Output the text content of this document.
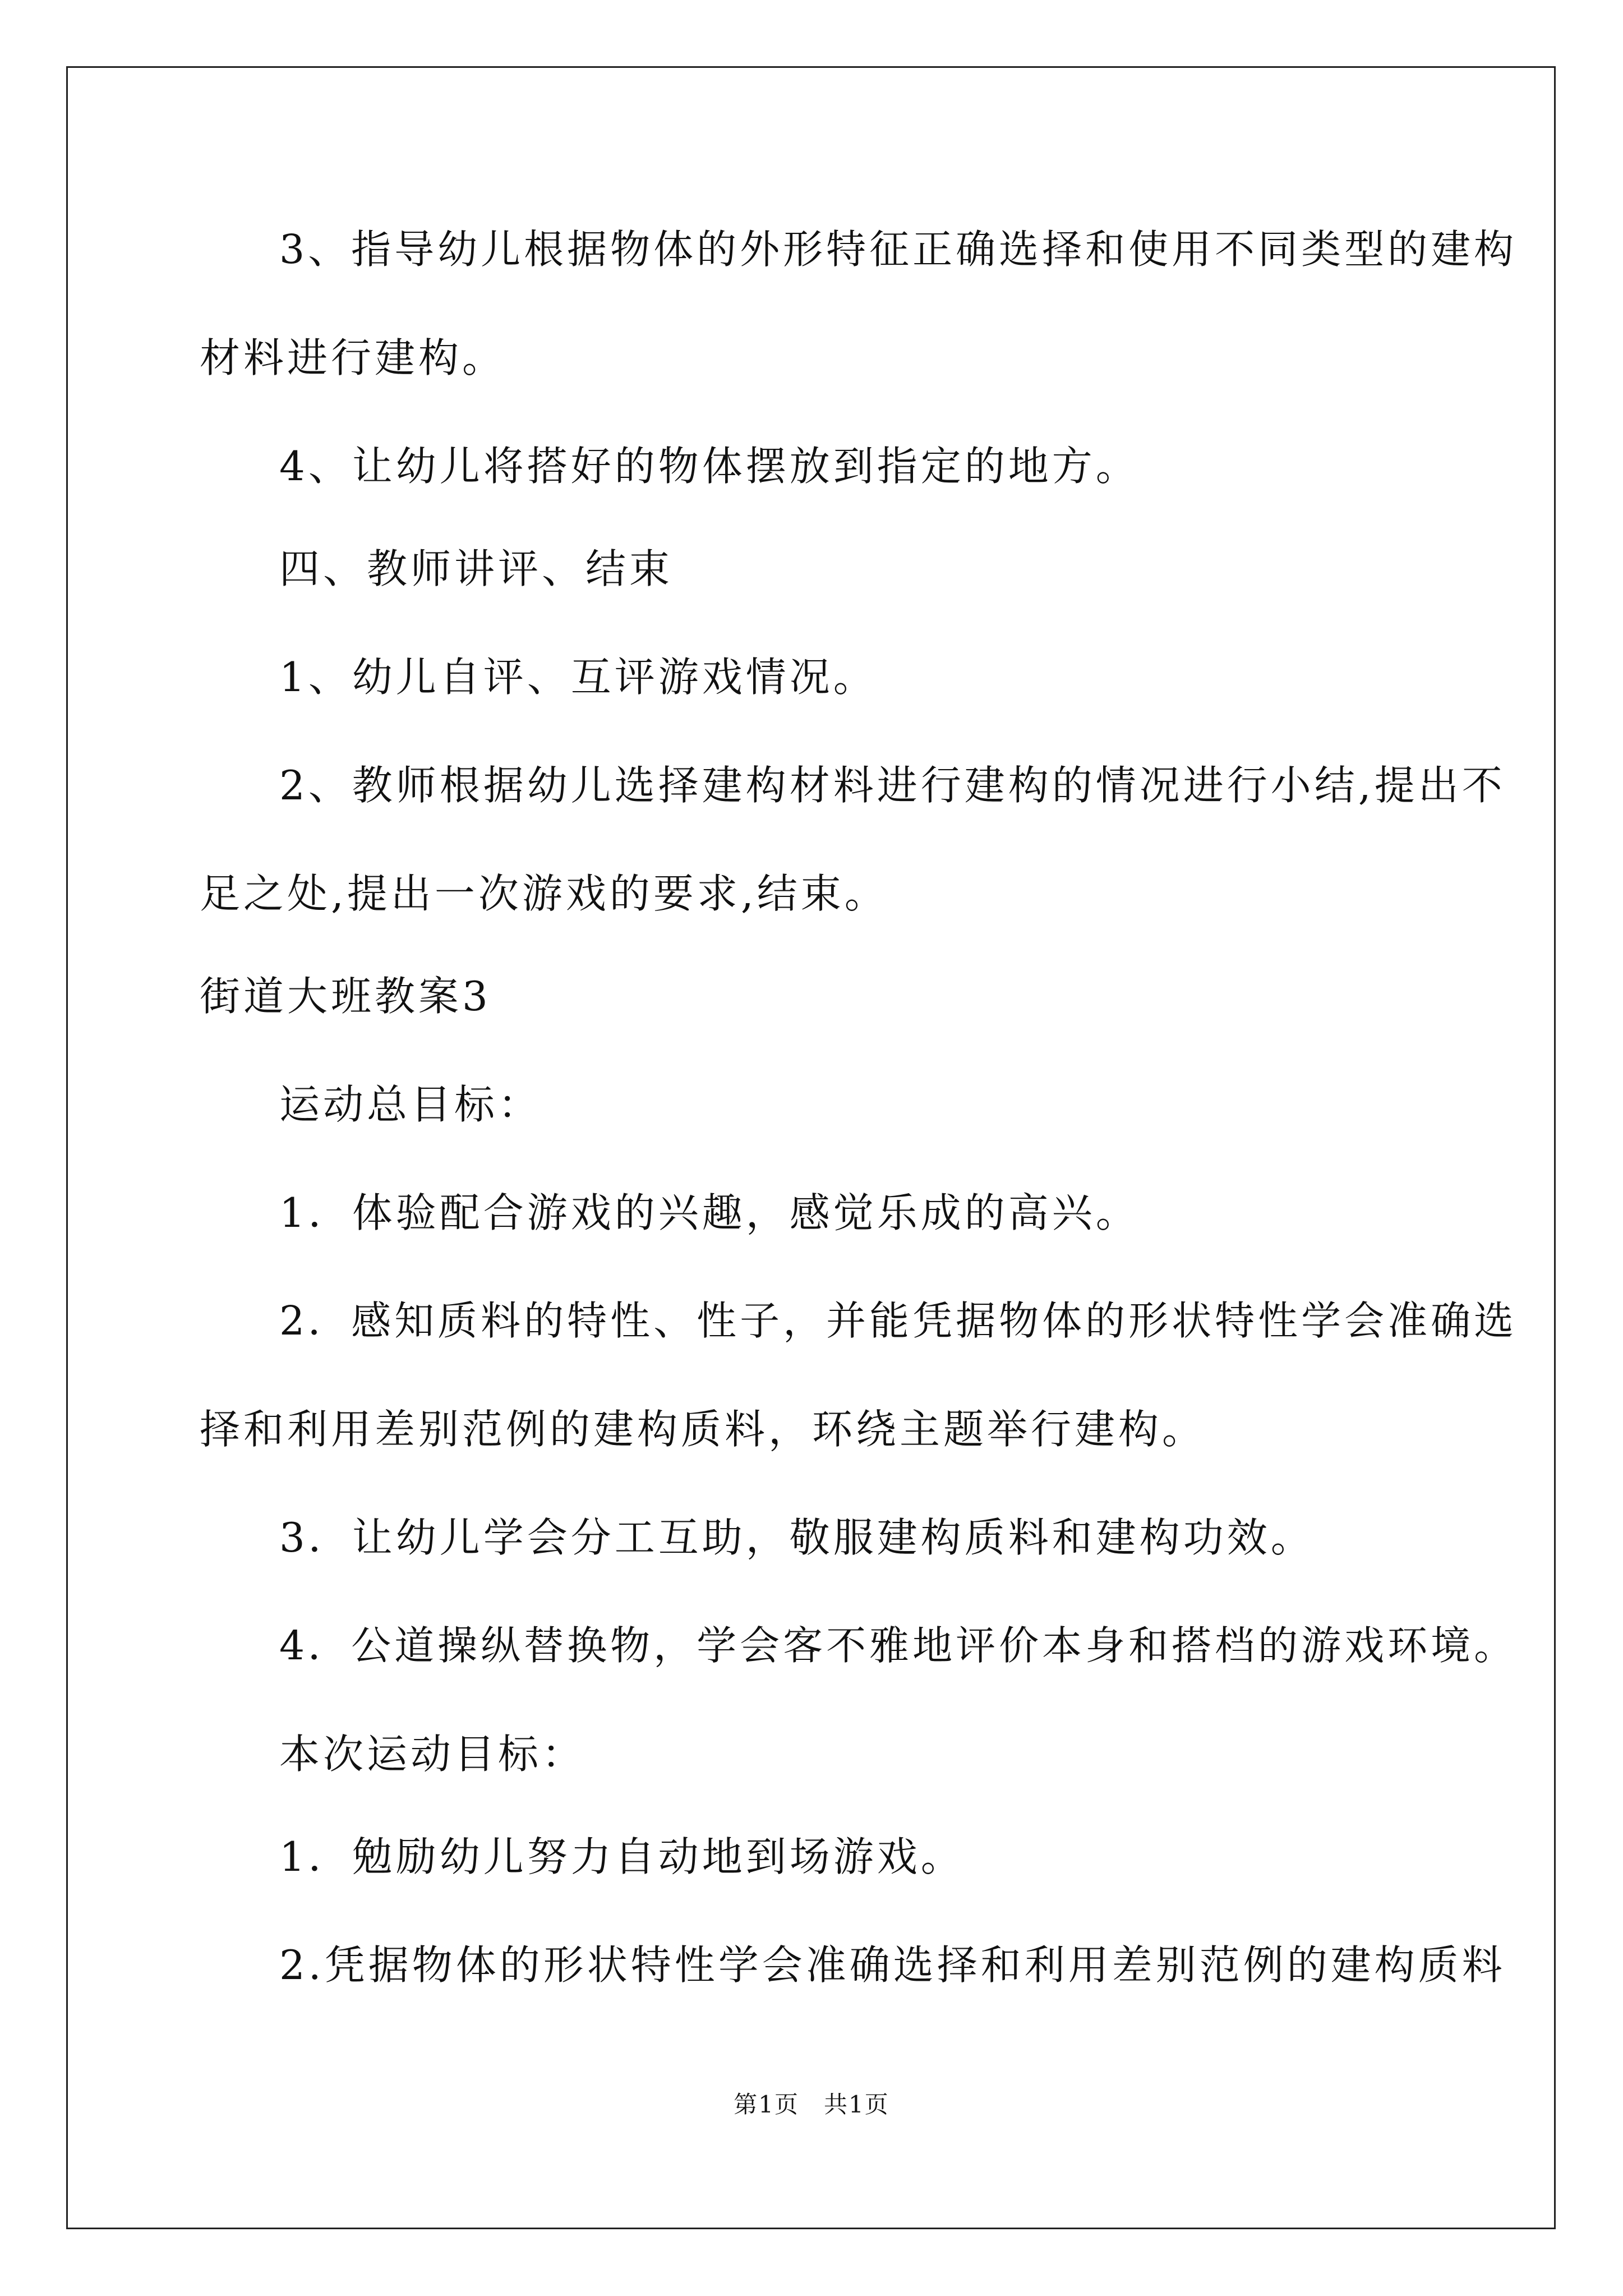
3、指导幼儿根据物体的外形特征正确选择和使用不同类型的建构
材料进行建构。
4、让幼儿将搭好的物体摆放到指定的地方。
四、教师讲评、结束
1、幼儿自评、互评游戏情况。
2、教师根据幼儿选择建构材料进行建构的情况进行小结,提出不
足之处,提出一次游戏的要求,结束。
街道大班教案3
运动总目标：
1．体验配合游戏的兴趣，感觉乐成的高兴。
2．感知质料的特性、性子，并能凭据物体的形状特性学会准确选
择和利用差别范例的建构质料，环绕主题举行建构。
3．让幼儿学会分工互助，敬服建构质料和建构功效。
4．公道操纵替换物，学会客不雅地评价本身和搭档的游戏环境。
本次运动目标：
1．勉励幼儿努力自动地到场游戏。
2.凭据物体的形状特性学会准确选择和利用差别范例的建构质料
第1页　共1页
